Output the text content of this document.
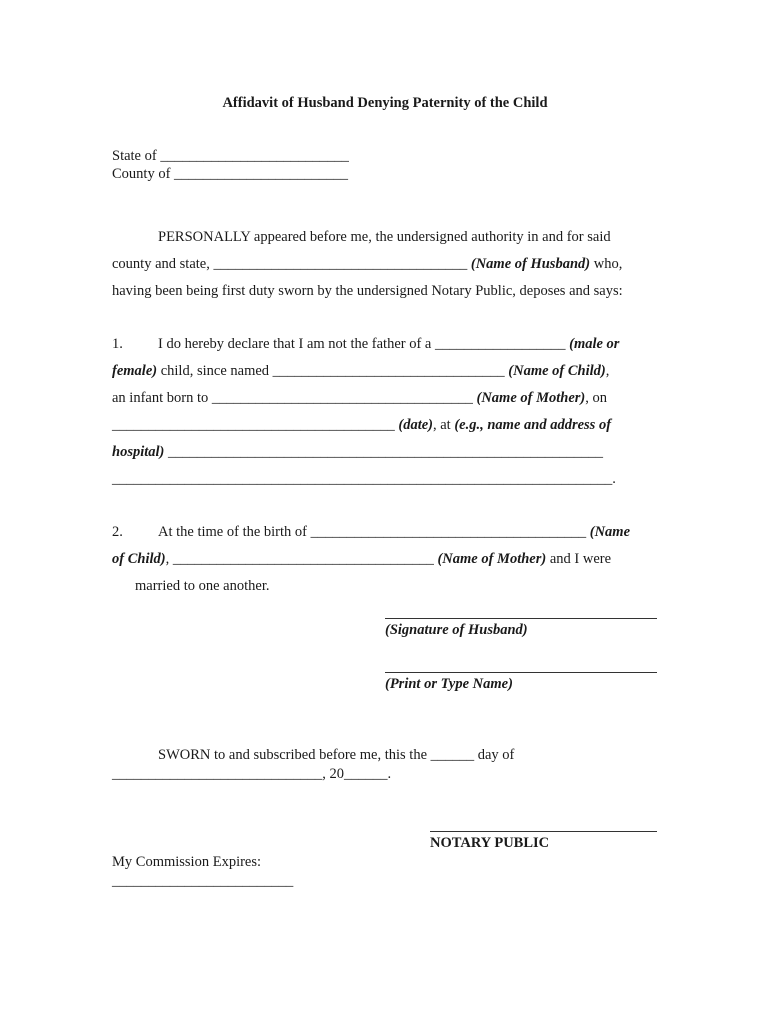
Affidavit of Husband Denying Paternity of the Child
State of __________________________
County of ________________________
PERSONALLY appeared before me, the undersigned authority in and for said
county and state, ___________________________________ (Name of Husband) who,
having been being first duty sworn by the undersigned Notary Public, deposes and says:
1. I do hereby declare that I am not the father of a __________________ (male or
female) child, since named ________________________________ (Name of Child),
an infant born to ____________________________________ (Name of Mother), on
_______________________________________ (date), at (e.g., name and address of
hospital) ____________________________________________________________
_____________________________________________________________________.
2. At the time of the birth of ______________________________________ (Name
of Child), ____________________________________ (Name of Mother) and I were
married to one another.
(Signature of Husband)
(Print or Type Name)
SWORN to and subscribed before me, this the ______ day of
_____________________________, 20______.
NOTARY PUBLIC
My Commission Expires:
_________________________
